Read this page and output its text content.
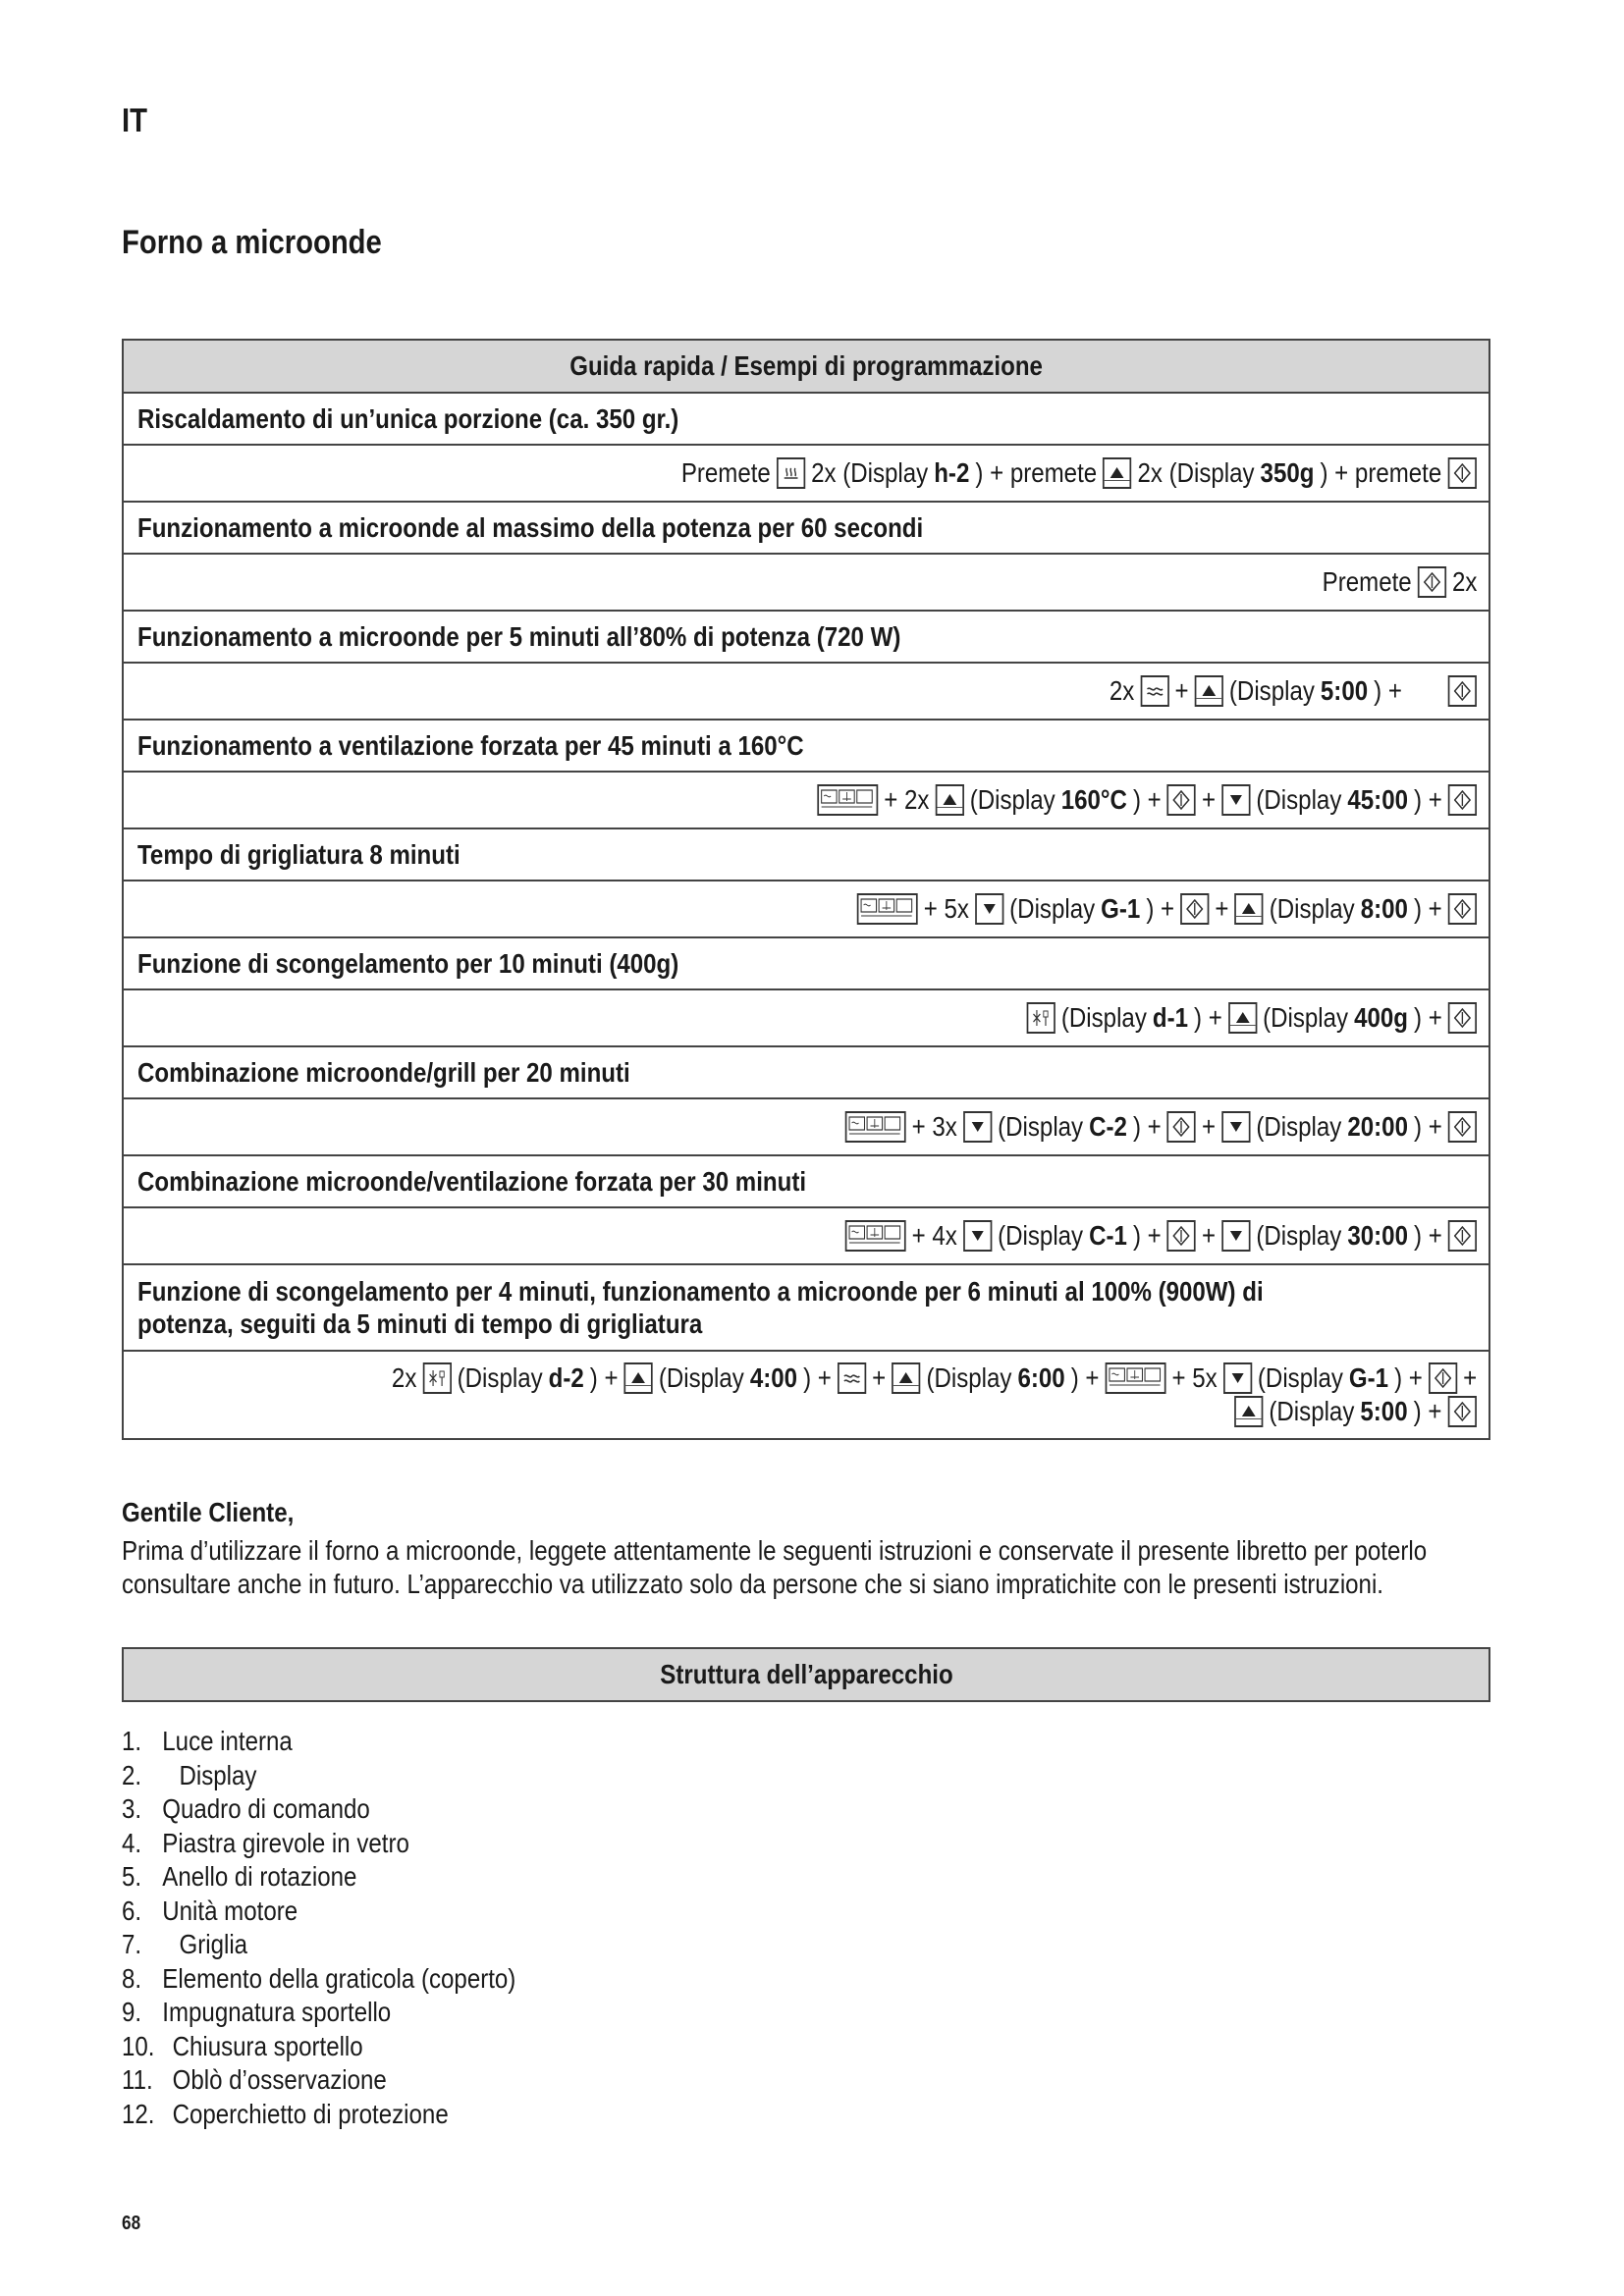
IT
Forno a microonde
Guida rapida / Esempi di programmazione
Riscaldamento di un’unica porzione (ca. 350 gr.)
Premete 2x (Display h-2 ) + premete 2x (Display 350g ) + premete
Funzionamento a microonde al massimo della potenza per 60 secondi
Premete 2x
Funzionamento a microonde per 5 minuti all’80% di potenza (720 W)
2x + (Display 5:00 ) +
Funzionamento a ventilazione forzata per 45 minuti a 160°C
+ 2x (Display 160°C ) + + (Display 45:00 ) +
Tempo di grigliatura 8 minuti
+ 5x (Display G-1 ) + + (Display 8:00 ) +
Funzione di scongelamento per 10 minuti (400g)
(Display d-1 ) + (Display 400g ) +
Combinazione microonde/grill per 20 minuti
+ 3x (Display C-2 ) + + (Display 20:00 ) +
Combinazione microonde/ventilazione forzata per 30 minuti
+ 4x (Display C-1 ) + + (Display 30:00 ) +
Funzione di scongelamento per 4 minuti, funzionamento a microonde per 6 minuti al 100% (900W) di potenza, seguiti da 5 minuti di tempo di grigliatura
2x (Display d-2 ) + (Display 4:00 ) + + (Display 6:00 ) +	+ 5x (Display G-1 ) + +
(Display 5:00 ) +
Gentile Cliente,
Prima d’utilizzare il forno a microonde, leggete attentamente le seguenti istruzioni e conservate il presente libretto per poterlo consultare anche in futuro. L’apparecchio va utilizzato solo da persone che si siano impratichite con le presenti istruzioni.
Struttura dell’apparecchio
1. Luce interna
2. Display
3. Quadro di comando
4. Piastra girevole in vetro
5. Anello di rotazione
6. Unità motore
7. Griglia
8. Elemento della graticola (coperto)
9. Impugnatura sportello
10. Chiusura sportello
11. Oblò d’osservazione
12. Coperchietto di protezione
68
